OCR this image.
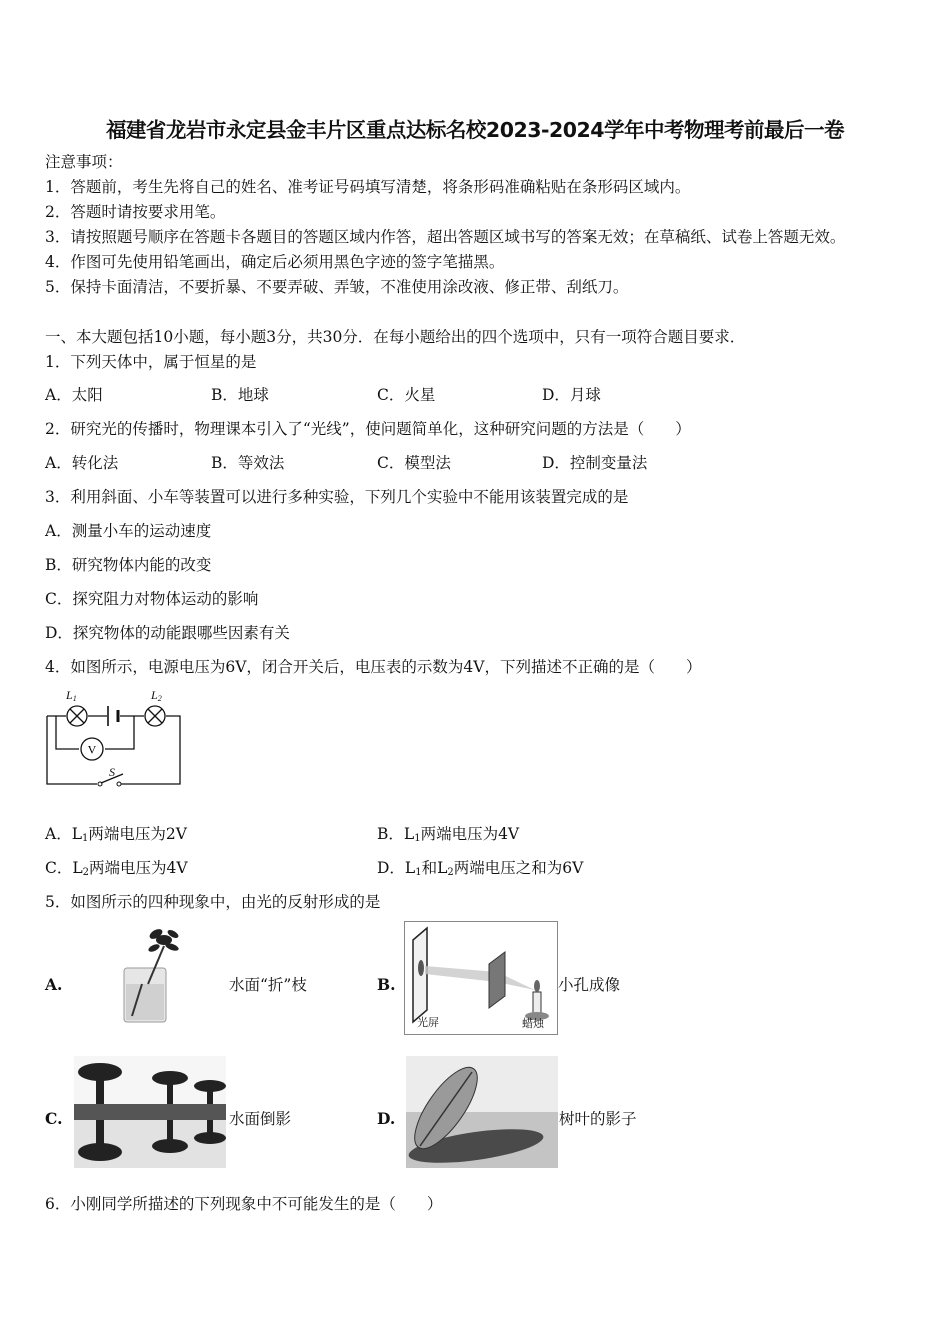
福建省龙岩市永定县金丰片区重点达标名校2023-2024学年中考物理考前最后一卷
注意事项：
1．答题前，考生先将自己的姓名、准考证号码填写清楚，将条形码准确粘贴在条形码区域内。
2．答题时请按要求用笔。
3．请按照题号顺序在答题卡各题目的答题区域内作答，超出答题区域书写的答案无效；在草稿纸、试卷上答题无效。
4．作图可先使用铅笔画出，确定后必须用黑色字迹的签字笔描黑。
5．保持卡面清洁，不要折暴、不要弄破、弄皱，不准使用涂改液、修正带、刮纸刀。
一、本大题包括10小题，每小题3分，共30分．在每小题给出的四个选项中，只有一项符合题目要求．
1．下列天体中，属于恒星的是
A．太阳	B．地球	C．火星	D．月球
2．研究光的传播时，物理课本引入了“光线”，使问题简单化，这种研究问题的方法是（　　）
A．转化法	B．等效法	C．模型法	D．控制变量法
3．利用斜面、小车等装置可以进行多种实验，下列几个实验中不能用该装置完成的是
A．测量小车的运动速度
B．研究物体内能的改变
C．探究阻力对物体运动的影响
D．探究物体的动能跟哪些因素有关
4．如图所示，电源电压为6V，闭合开关后，电压表的示数为4V，下列描述不正确的是（　　）
V
L1	L2
S
A．$L_1$两端电压为2V	B．$L_1$两端电压为4V
C．$L_2$两端电压为4V	D．$L_1$和$L_2$两端电压之和为6V
5．如图所示的四种现象中，由光的反射形成的是
A.	水面“折”枝	B.
光屏	蜡烛
小孔成像
C.	水面倒影	D.	树叶的影子
6．小刚同学所描述的下列现象中不可能发生的是（　　）
